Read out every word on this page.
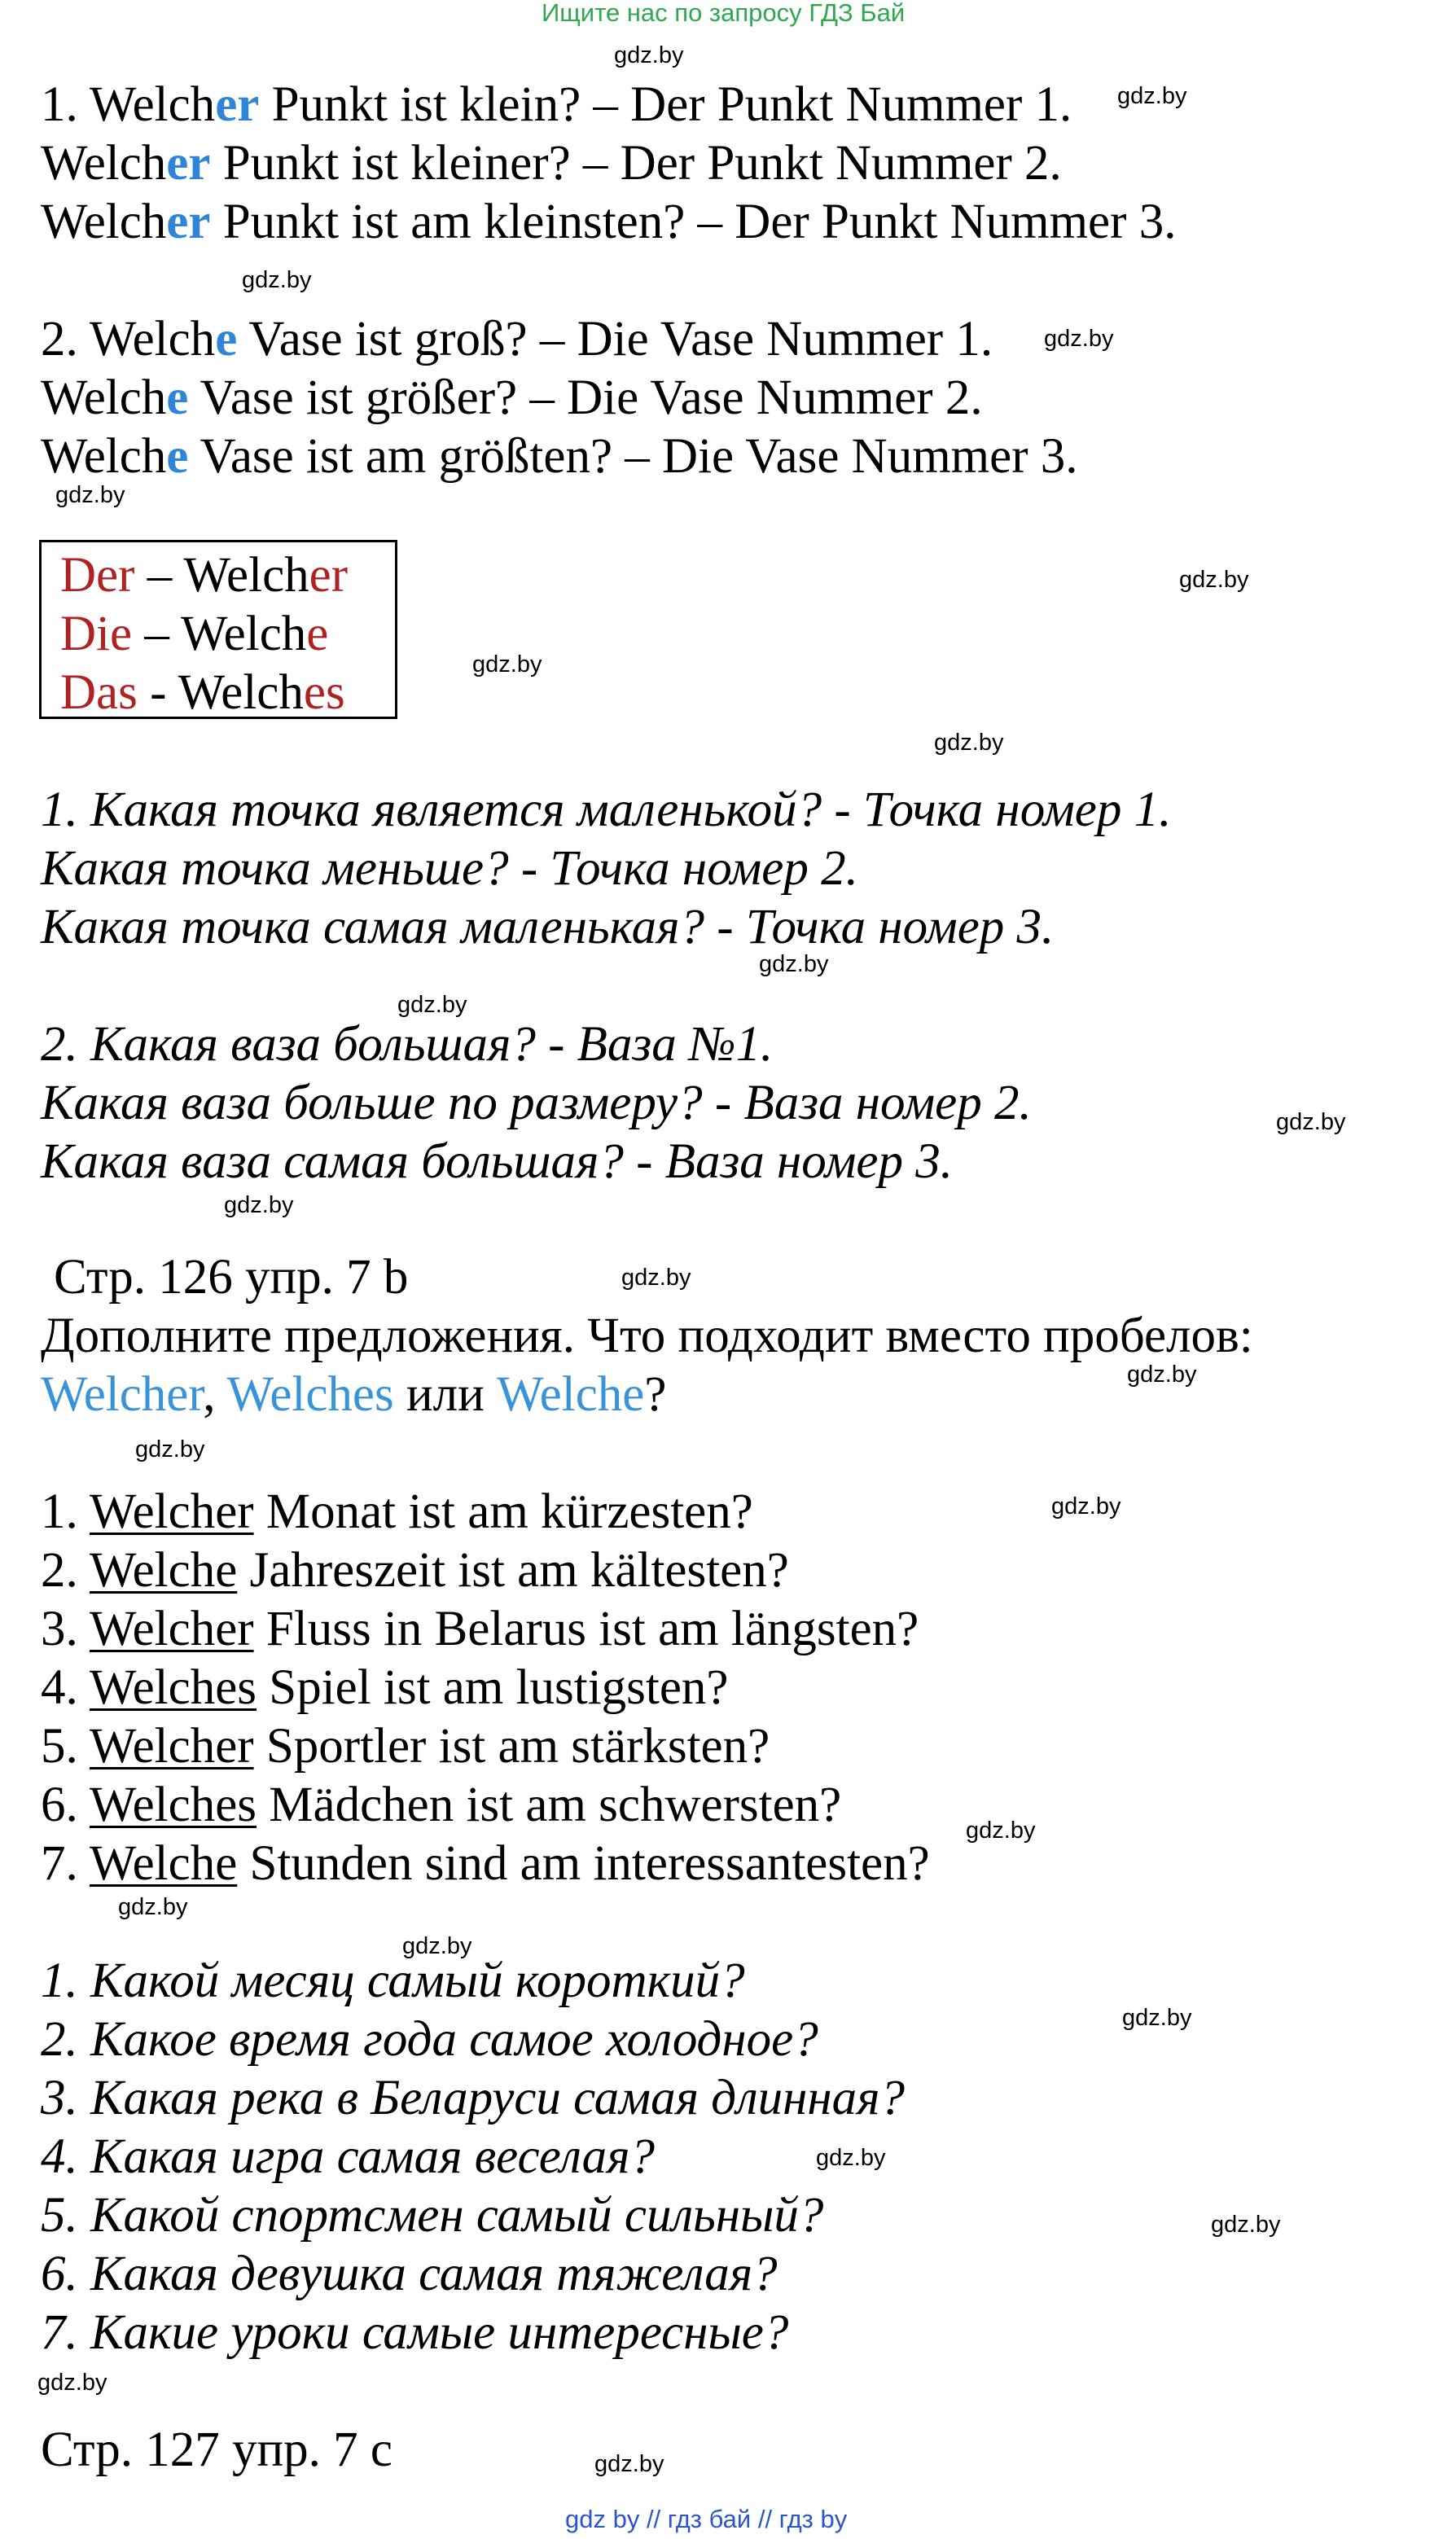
Ищите нас по запросу ГДЗ Бай
gdz.by
gdz.by
gdz.by
gdz.by
gdz.by
gdz.by
gdz.by
gdz.by
gdz.by
gdz.by
gdz.by
gdz.by
gdz.by
gdz.by
gdz.by
gdz.by
gdz.by
gdz.by
gdz.by
gdz.by
gdz.by
gdz.by
gdz.by
gdz.by
1. Welcher Punkt ist klein? – Der Punkt Nummer 1.
Welcher Punkt ist kleiner? – Der Punkt Nummer 2.
Welcher Punkt ist am kleinsten? – Der Punkt Nummer 3.
2. Welche Vase ist groß? – Die Vase Nummer 1.
Welche Vase ist größer? – Die Vase Nummer 2.
Welche Vase ist am größten? – Die Vase Nummer 3.
Der – Welcher
Die – Welche
Das - Welches
1. Какая точка является маленькой? - Точка номер 1.
Какая точка меньше? - Точка номер 2.
Какая точка самая маленькая? - Точка номер 3.
2. Какая ваза большая? - Ваза №1.
Какая ваза больше по размеру? - Ваза номер 2.
Какая ваза самая большая? - Ваза номер 3.
Стр. 126 упр. 7 b
Дополните предложения. Что подходит вместо пробелов:
Welcher, Welches или Welche?
1. Welcher Monat ist am kürzesten?
2. Welche Jahreszeit ist am kältesten?
3. Welcher Fluss in Belarus ist am längsten?
4. Welches Spiel ist am lustigsten?
5. Welcher Sportler ist am stärksten?
6. Welches Mädchen ist am schwersten?
7. Welche Stunden sind am interessantesten?
1. Какой месяц самый короткий?
2. Какое время года самое холодное?
3. Какая река в Беларуси самая длинная?
4. Какая игра самая веселая?
5. Какой спортсмен самый сильный?
6. Какая девушка самая тяжелая?
7. Какие уроки самые интересные?
Стр. 127 упр. 7 с
gdz by // гдз бай // гдз by
